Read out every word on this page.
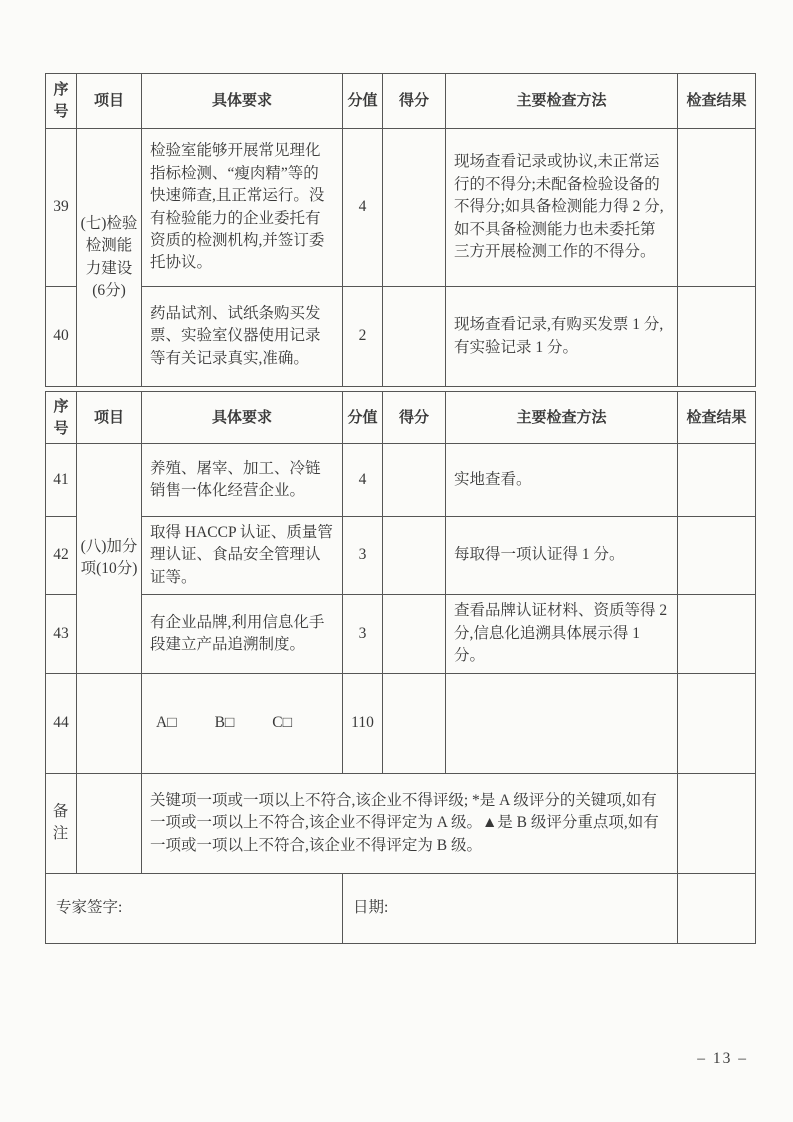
序号	项目	具体要求	分值	得分	主要检查方法	检查结果
39	(七)检验检测能力建设(6分)	检验室能够开展常见理化指标检测、“瘦肉精”等的快速筛查,且正常运行。没有检验能力的企业委托有资质的检测机构,并签订委托协议。	4		现场查看记录或协议,未正常运行的不得分;未配备检验设备的不得分;如具备检测能力得 2 分,如不具备检测能力也未委托第三方开展检测工作的不得分。	
40		药品试剂、试纸条购买发票、实验室仪器使用记录等有关记录真实,准确。	2		现场查看记录,有购买发票 1 分,有实验记录 1 分。	
序号	项目	具体要求	分值	得分	主要检查方法	检查结果
41	(八)加分项(10分)	养殖、屠宰、加工、冷链销售一体化经营企业。	4		实地查看。	
42		取得 HACCP 认证、质量管理认证、食品安全管理认证等。	3		每取得一项认证得 1 分。	
43		有企业品牌,利用信息化手段建立产品追溯制度。	3		查看品牌认证材料、资质等得 2 分,信息化追溯具体展示得 1 分。	
44		A□ B□ C□	110			
备注		关键项一项或一项以上不符合,该企业不得评级; *是 A 级评分的关键项,如有一项或一项以上不符合,该企业不得评定为 A 级。▲是 B 级评分重点项,如有一项或一项以上不符合,该企业不得评定为 B 级。				
专家签字:			日期:			
– 13 –
